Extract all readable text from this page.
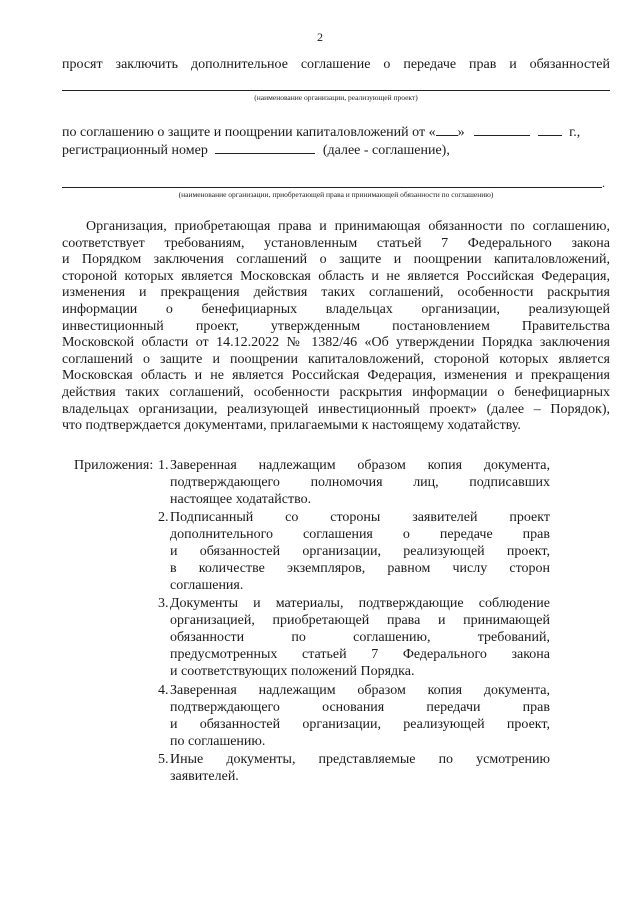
2
просят заключить дополнительное соглашение о передаче прав и обязанностей
(наименование организации, реализующей проект)
по соглашению о защите и поощрении капиталовложений от « »	г.,
регистрационный номер	(далее - соглашение),
.
(наименование организации, приобретающей права и принимающей обязанности по соглашению)

Организация, приобретающая права и принимающая обязанности по соглашению,

соответствует требованиям, установленным статьей 7 Федерального закона

и Порядком заключения соглашений о защите и поощрении капиталовложений,

стороной которых является Московская область и не является Российская Федерация,

изменения и прекращения действия таких соглашений, особенности раскрытия

информации о бенефициарных владельцах организации, реализующей

инвестиционный проект, утвержденным постановлением Правительства

Московской области от 14.12.2022 № 1382/46 «Об утверждении Порядка заключения

соглашений о защите и поощрении капиталовложений, стороной которых является

Московская область и не является Российская Федерация, изменения и прекращения

действия таких соглашений, особенности раскрытия информации о бенефициарных

владельцах организации, реализующей инвестиционный проект» (далее – Порядок),

что подтверждается документами, прилагаемыми к настоящему ходатайству.

Приложения: 1. Заверенная надлежащим образом копия документа,

подтверждающего полномочия лиц, подписавших

настоящее ходатайство.

2. Подписанный со стороны заявителей проект

дополнительного соглашения о передаче прав

и обязанностей организации, реализующей проект,

в количестве экземпляров, равном числу сторон

соглашения.

3. Документы и материалы, подтверждающие соблюдение

организацией, приобретающей права и принимающей

обязанности по соглашению, требований,

предусмотренных статьей 7 Федерального закона

и соответствующих положений Порядка.

4. Заверенная надлежащим образом копия документа,

подтверждающего основания передачи прав

и обязанностей организации, реализующей проект,

по соглашению.

5. Иные документы, представляемые по усмотрению

заявителей.
